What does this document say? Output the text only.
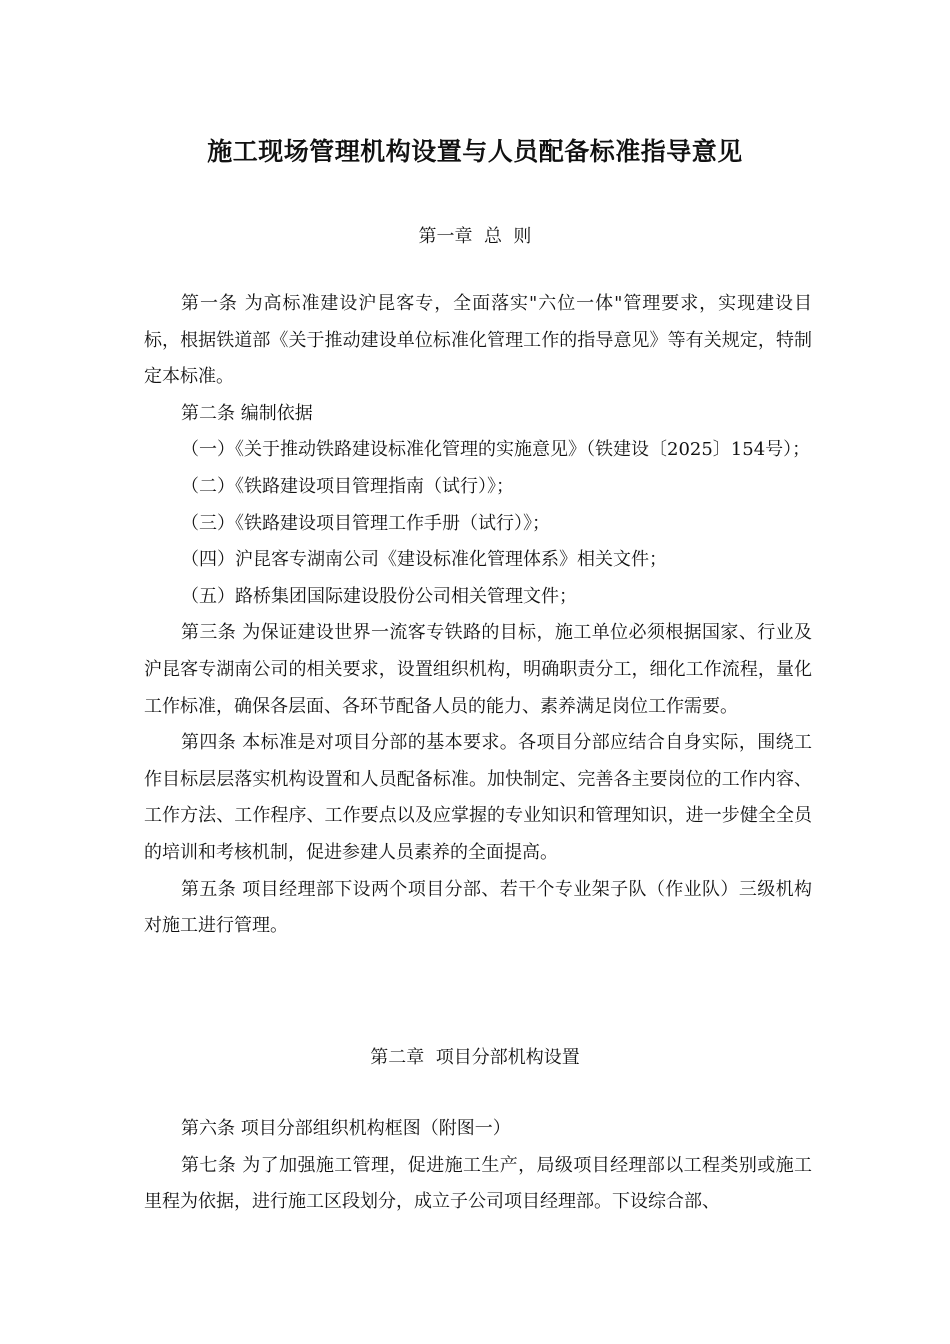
施工现场管理机构设置与人员配备标准指导意见
第一章  总  则

第一条 为高标准建设沪昆客专，全面落实"六位一体"管理要求，实现建设目标，根据铁道部《关于推动建设单位标准化管理工作的指导意见》等有关规定，特制定本标准。

第二条 编制依据

（一）《关于推动铁路建设标准化管理的实施意见》（铁建设〔2025〕154号）；

（二）《铁路建设项目管理指南（试行）》；

（三）《铁路建设项目管理工作手册（试行）》；

（四）沪昆客专湖南公司《建设标准化管理体系》相关文件；

（五）路桥集团国际建设股份公司相关管理文件；

第三条 为保证建设世界一流客专铁路的目标，施工单位必须根据国家、行业及沪昆客专湖南公司的相关要求，设置组织机构，明确职责分工，细化工作流程，量化工作标准，确保各层面、各环节配备人员的能力、素养满足岗位工作需要。

第四条 本标准是对项目分部的基本要求。各项目分部应结合自身实际，围绕工作目标层层落实机构设置和人员配备标准。加快制定、完善各主要岗位的工作内容、工作方法、工作程序、工作要点以及应掌握的专业知识和管理知识，进一步健全全员的培训和考核机制，促进参建人员素养的全面提高。

第五条 项目经理部下设两个项目分部、若干个专业架子队（作业队）三级机构对施工进行管理。

第二章  项目分部机构设置

第六条 项目分部组织机构框图（附图一）

第七条 为了加强施工管理，促进施工生产，局级项目经理部以工程类别或施工里程为依据，进行施工区段划分，成立子公司项目经理部。下设综合部、
